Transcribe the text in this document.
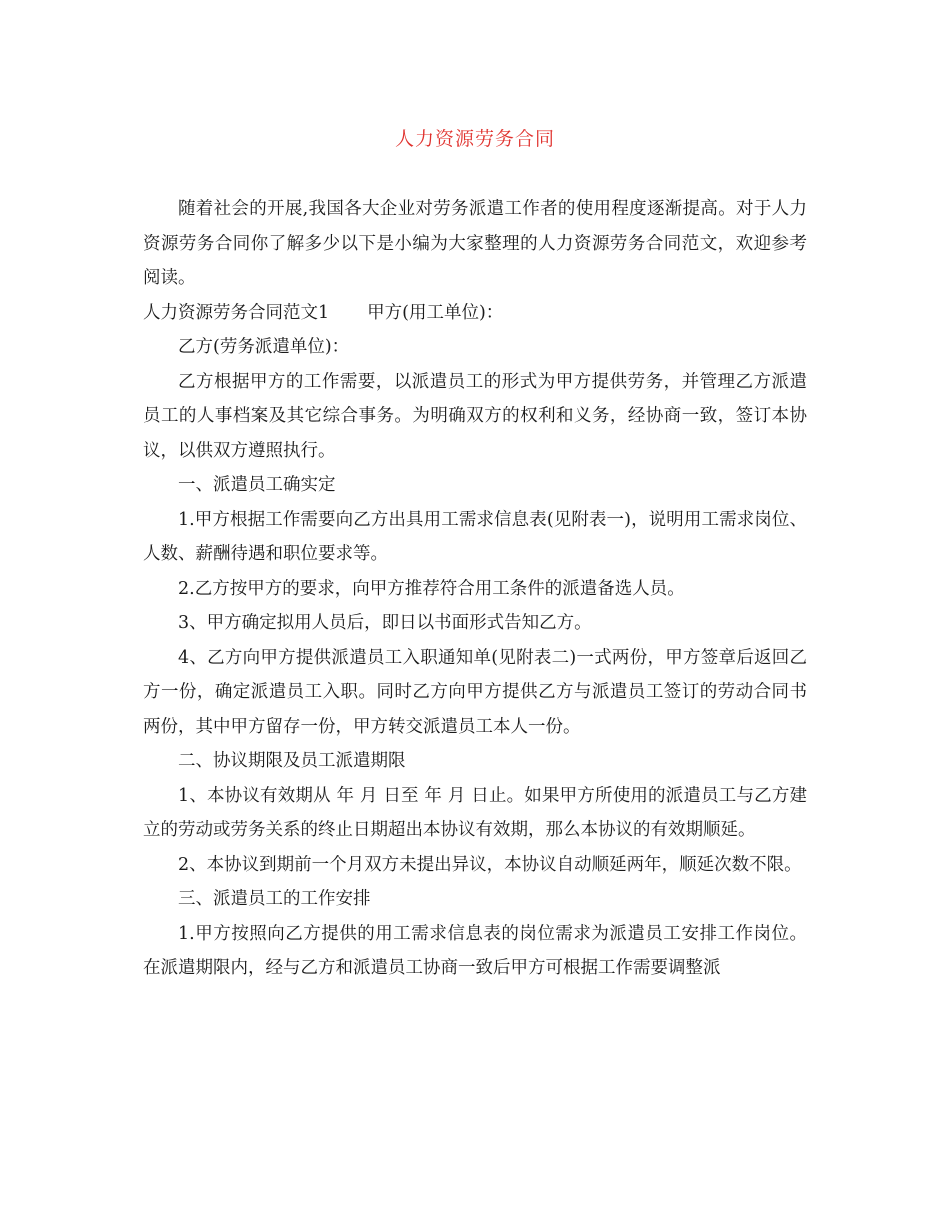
人力资源劳务合同

随着社会的开展,我国各大企业对劳务派遣工作者的使用程度逐渐提高。对于人力资源劳务合同你了解多少以下是小编为大家整理的人力资源劳务合同范文，欢迎参考阅读。

人力资源劳务合同范文1 甲方(用工单位)：

乙方(劳务派遣单位)：

乙方根据甲方的工作需要，以派遣员工的形式为甲方提供劳务，并管理乙方派遣员工的人事档案及其它综合事务。为明确双方的权利和义务，经协商一致，签订本协议，以供双方遵照执行。

一、派遣员工确实定

1.甲方根据工作需要向乙方出具用工需求信息表(见附表一)，说明用工需求岗位、人数、薪酬待遇和职位要求等。

2.乙方按甲方的要求，向甲方推荐符合用工条件的派遣备选人员。

3、甲方确定拟用人员后，即日以书面形式告知乙方。

4、乙方向甲方提供派遣员工入职通知单(见附表二)一式两份，甲方签章后返回乙方一份，确定派遣员工入职。同时乙方向甲方提供乙方与派遣员工签订的劳动合同书两份，其中甲方留存一份，甲方转交派遣员工本人一份。

二、协议期限及员工派遣期限

1、本协议有效期从 年 月 日至 年 月 日止。如果甲方所使用的派遣员工与乙方建立的劳动或劳务关系的终止日期超出本协议有效期，那么本协议的有效期顺延。

2、本协议到期前一个月双方未提出异议，本协议自动顺延两年，顺延次数不限。

三、派遣员工的工作安排

1.甲方按照向乙方提供的用工需求信息表的岗位需求为派遣员工安排工作岗位。在派遣期限内，经与乙方和派遣员工协商一致后甲方可根据工作需要调整派
